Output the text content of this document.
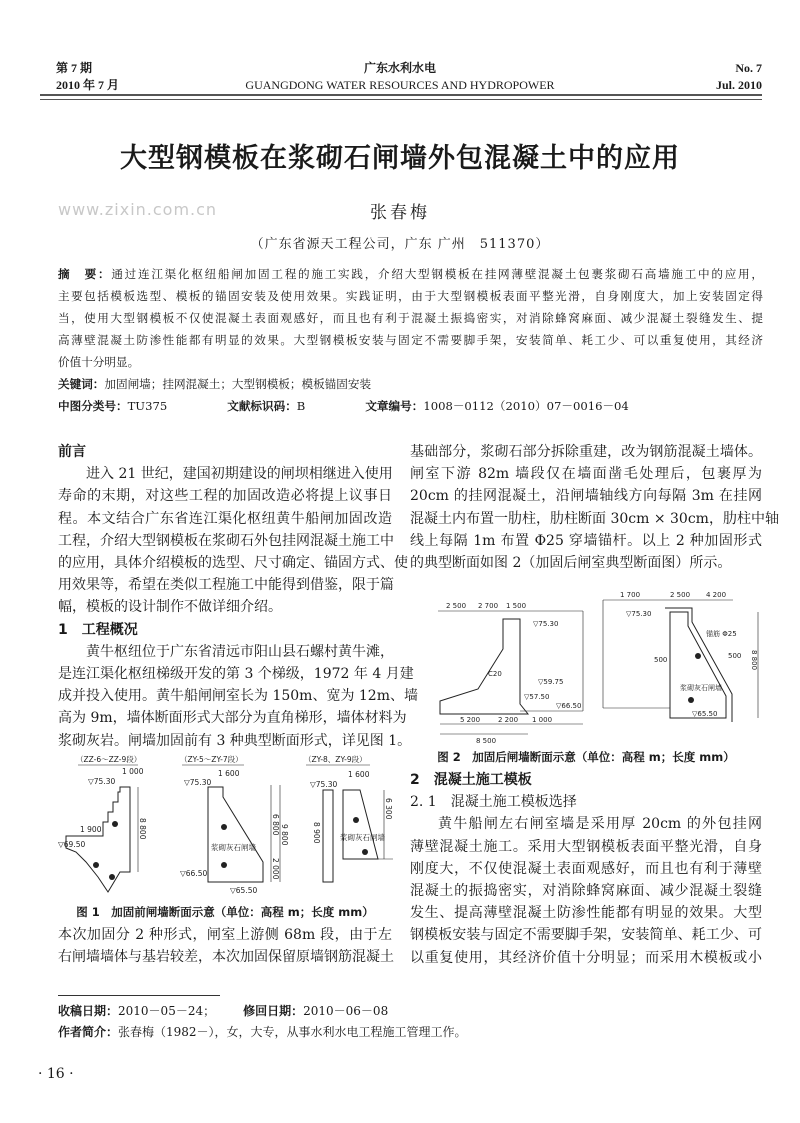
www.zixin.com.cn
第 7 期
2010 年 7 月
广东水利水电
GUANGDONG WATER RESOURCES AND HYDROPOWER
No. 7
Jul. 2010
大型钢模板在浆砌石闸墙外包混凝土中的应用
张春梅
（广东省源天工程公司，广东 广州　511370）
摘　要：通过连江渠化枢纽船闸加固工程的施工实践，介绍大型钢模板在挂网薄壁混凝土包裹浆砌石高墙施工中的应用，
主要包括模板选型、模板的锚固安装及使用效果。实践证明，由于大型钢模板表面平整光滑，自身刚度大，加上安装固定得
当，使用大型钢模板不仅使混凝土表面观感好，而且也有利于混凝土振捣密实，对消除蜂窝麻面、减少混凝土裂缝发生、提
高薄壁混凝土防渗性能都有明显的效果。大型钢模板安装与固定不需要脚手架，安装简单、耗工少、可以重复使用，其经济
价值十分明显。
关键词：加固闸墙；挂网混凝土；大型钢模板；模板锚固安装
中图分类号：TU375	文献标识码：B	文章编号：1008－0112（2010）07－0016－04
前言
进入 21 世纪，建国初期建设的闸坝相继进入使用
寿命的末期，对这些工程的加固改造必将提上议事日
程。本文结合广东省连江渠化枢纽黄牛船闸加固改造
工程，介绍大型钢模板在浆砌石外包挂网混凝土施工中
的应用，具体介绍模板的选型、尺寸确定、锚固方式、使
用效果等，希望在类似工程施工中能得到借鉴，限于篇
幅，模板的设计制作不做详细介绍。
1　工程概况
黄牛枢纽位于广东省清远市阳山县石螺村黄牛滩，
是连江渠化枢纽梯级开发的第 3 个梯级，1972 年 4 月建
成并投入使用。黄牛船闸闸室长为 150m、宽为 12m、墙
高为 9m，墙体断面形式大部分为直角梯形，墙体材料为
浆砌灰岩。闸墙加固前有 3 种典型断面形式，详见图 1。
（ZZ-6～ZZ-9段）
▽75.30
1 000
8 800
1 900
▽69.50
（ZY-5～ZY-7段）
1 600
▽75.30
浆砌灰石闸墙
9 800
6 800
2 000
▽65.50
▽66.50
（ZY-8、ZY-9段）
1 600
▽75.30
8 900
6 300
浆砌灰石闸墙
图 1　加固前闸墙断面示意（单位：高程 m；长度 mm）
本次加固分 2 种形式，闸室上游侧 68m 段，由于左
右闸墙墙体与基岩较差，本次加固保留原墙钢筋混凝土
基础部分，浆砌石部分拆除重建，改为钢筋混凝土墙体。
闸室下游 82m 墙段仅在墙面凿毛处理后，包裹厚为
20cm 的挂网混凝土，沿闸墙轴线方向每隔 3m 在挂网
混凝土内布置一肋柱，肋柱断面 30cm × 30cm，肋柱中轴
线上每隔 1m 布置 Φ25 穿墙锚杆。以上 2 种加固形式
的典型断面如图 2（加固后闸室典型断面图）所示。
2 500 2 700 1 500
▽75.30
C20
▽59.75
▽57.50
▽66.50
5 200	2 200 1 000
8 500
1 700	2 500 4 200
▽75.30
500
锚筋 Φ25
500
▽65.50
8 800
浆砌灰石闸墙
图 2　加固后闸墙断面示意（单位：高程 m；长度 mm）
2　混凝土施工模板
2. 1　混凝土施工模板选择
黄牛船闸左右闸室墙是采用厚 20cm 的外包挂网
薄壁混凝土施工。采用大型钢模板表面平整光滑，自身
刚度大，不仅使混凝土表面观感好，而且也有利于薄壁
混凝土的振捣密实，对消除蜂窝麻面、减少混凝土裂缝
发生、提高薄壁混凝土防渗性能都有明显的效果。大型
钢模板安装与固定不需要脚手架，安装简单、耗工少、可
以重复使用，其经济价值十分明显；而采用木模板或小
收稿日期：2010－05－24； 修回日期：2010－06－08
作者简介：张春梅（1982－），女，大专，从事水利水电工程施工管理工作。
· 16 ·
